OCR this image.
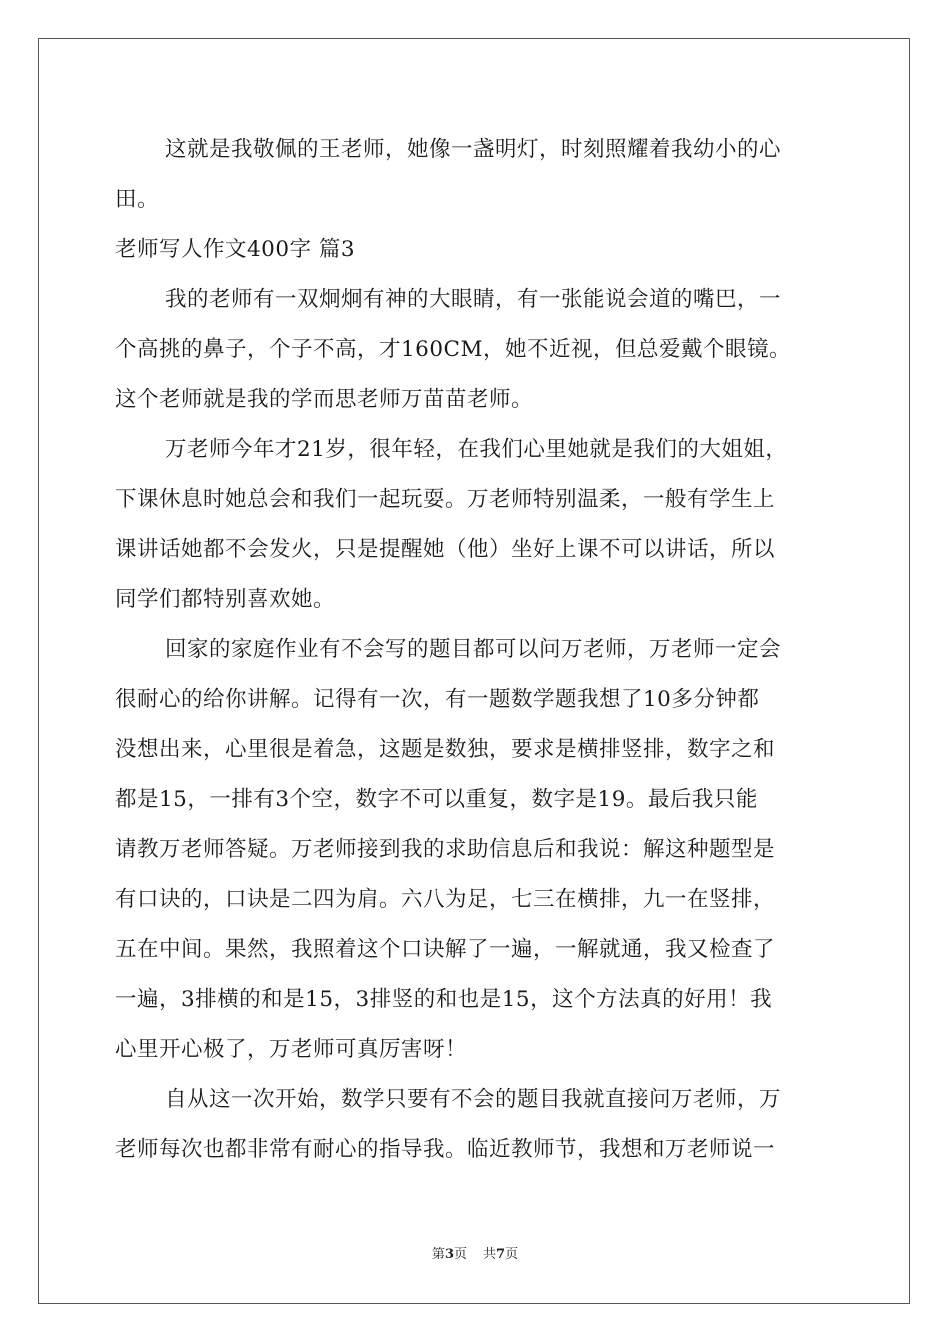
这就是我敬佩的王老师，她像一盏明灯，时刻照耀着我幼小的心
田。
老师写人作文400字 篇3
我的老师有一双炯炯有神的大眼睛，有一张能说会道的嘴巴，一
个高挑的鼻子，个子不高，才160CM，她不近视，但总爱戴个眼镜。
这个老师就是我的学而思老师万苗苗老师。
万老师今年才21岁，很年轻，在我们心里她就是我们的大姐姐，
下课休息时她总会和我们一起玩耍。万老师特别温柔，一般有学生上
课讲话她都不会发火，只是提醒她（他）坐好上课不可以讲话，所以
同学们都特别喜欢她。
回家的家庭作业有不会写的题目都可以问万老师，万老师一定会
很耐心的给你讲解。记得有一次，有一题数学题我想了10多分钟都
没想出来，心里很是着急，这题是数独，要求是横排竖排，数字之和
都是15，一排有3个空，数字不可以重复，数字是19。最后我只能
请教万老师答疑。万老师接到我的求助信息后和我说：解这种题型是
有口诀的，口诀是二四为肩。六八为足，七三在横排，九一在竖排，
五在中间。果然，我照着这个口诀解了一遍，一解就通，我又检查了
一遍，3排横的和是15，3排竖的和也是15，这个方法真的好用！我
心里开心极了，万老师可真厉害呀！
自从这一次开始，数学只要有不会的题目我就直接问万老师，万
老师每次也都非常有耐心的指导我。临近教师节，我想和万老师说一
第3页 共7页
